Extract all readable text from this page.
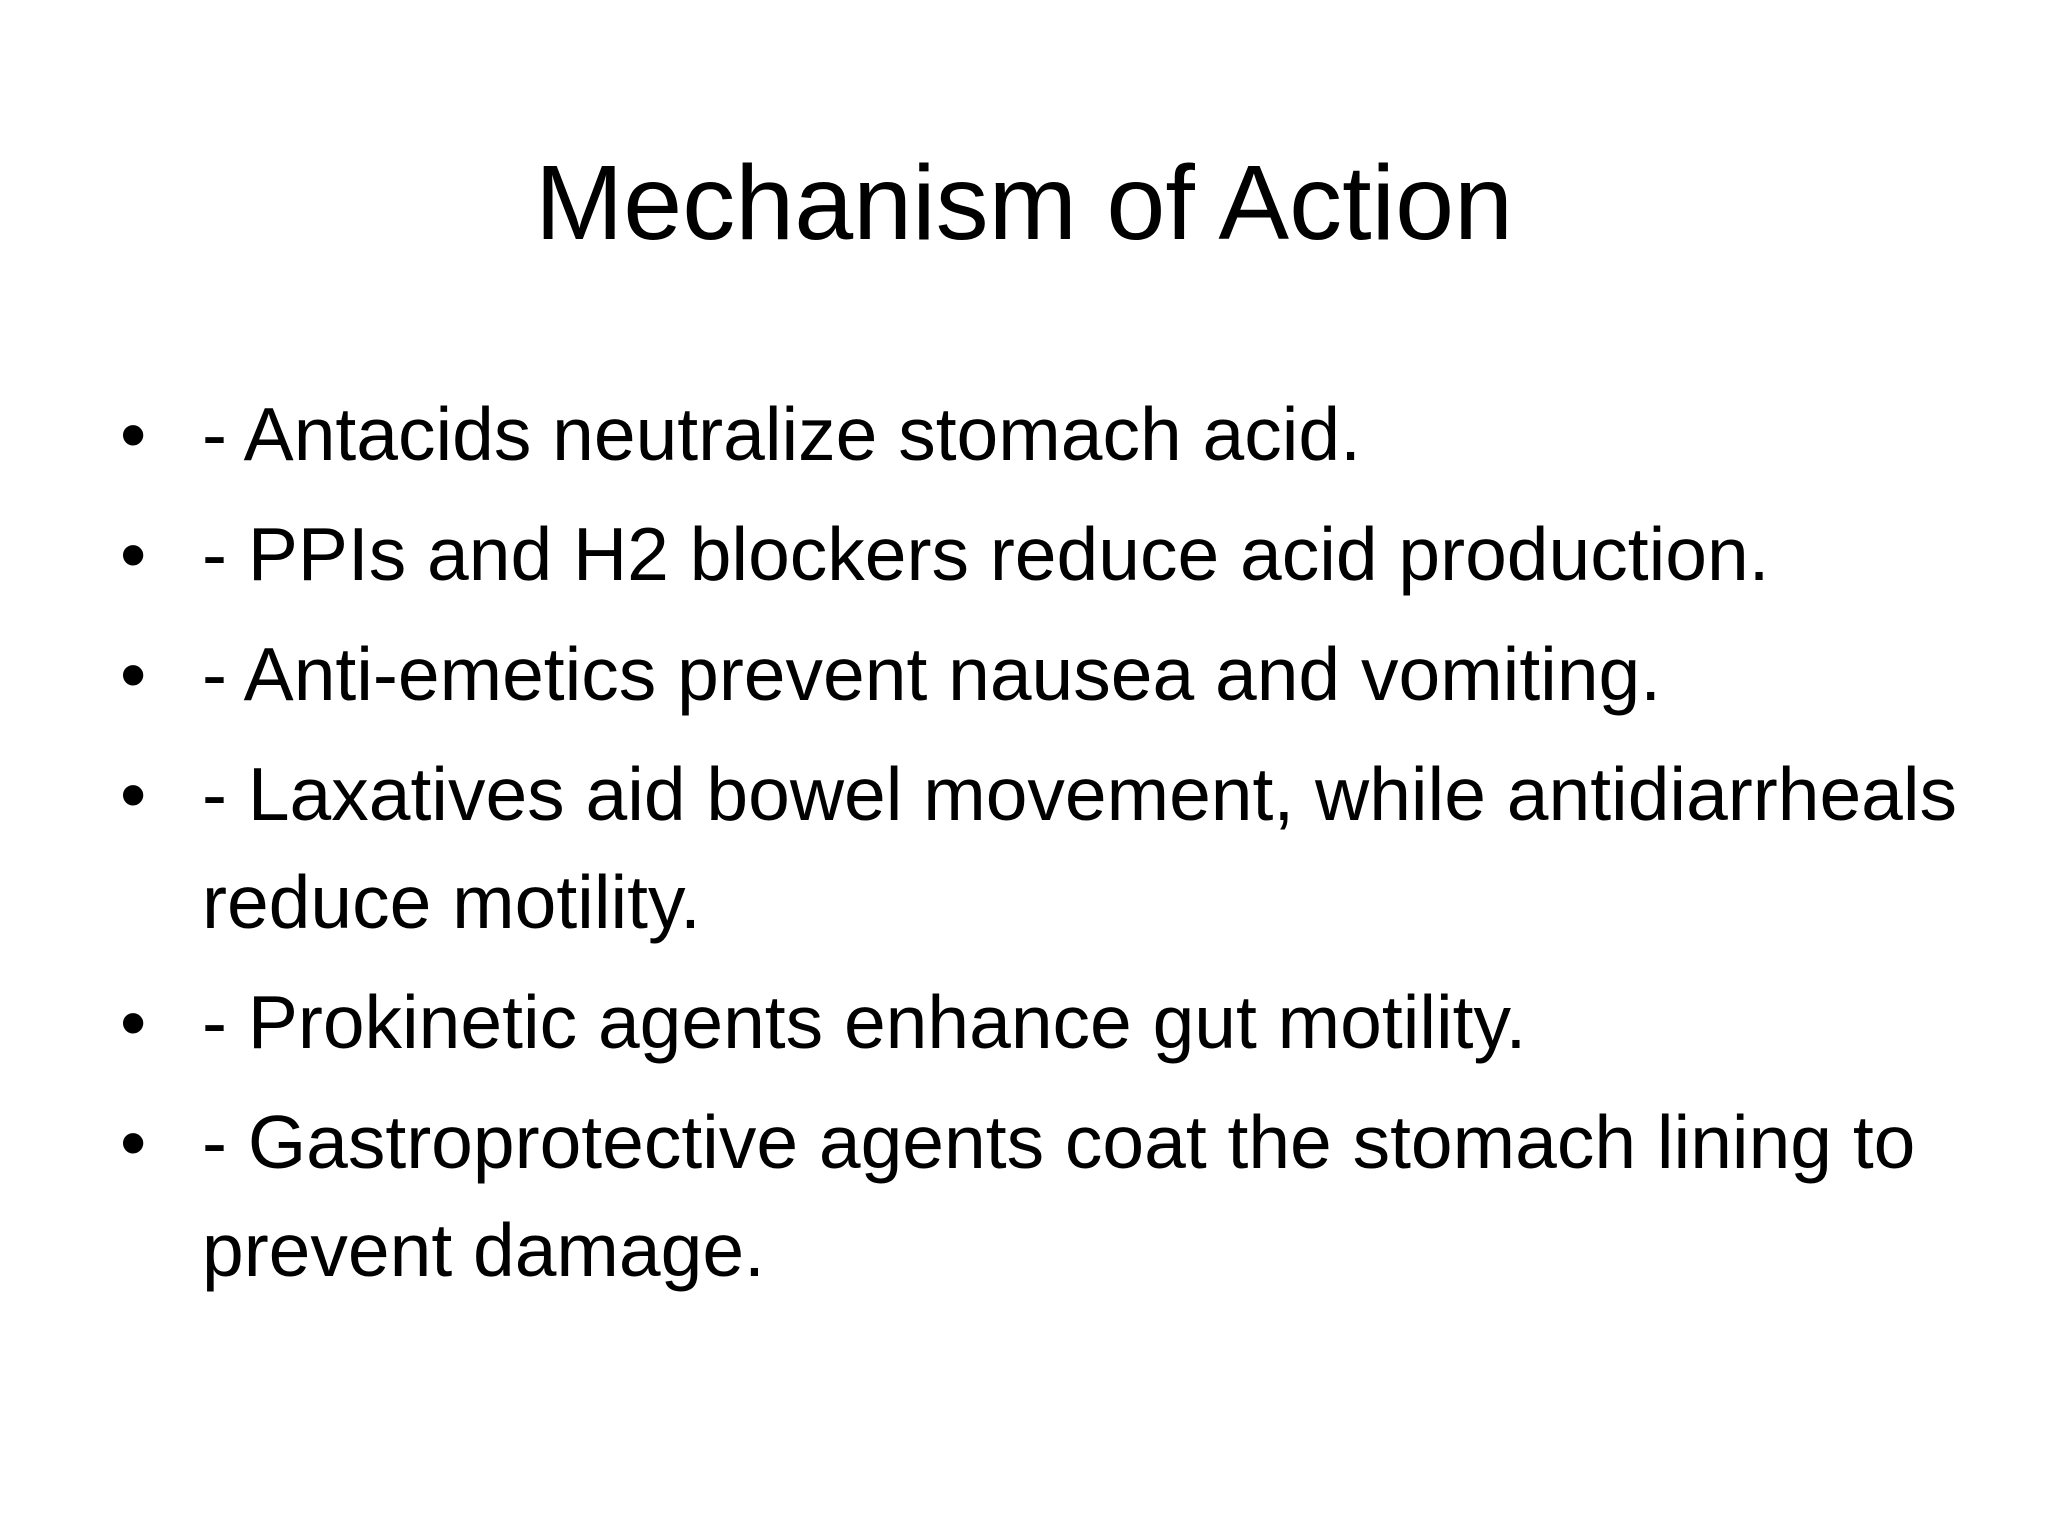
Mechanism of Action
• - Antacids neutralize stomach acid.
• - PPIs and H2 blockers reduce acid production.
• - Anti-emetics prevent nausea and vomiting.
• - Laxatives aid bowel movement, while antidiarrheals reduce motility.
• - Prokinetic agents enhance gut motility.
• - Gastroprotective agents coat the stomach lining to prevent damage.
